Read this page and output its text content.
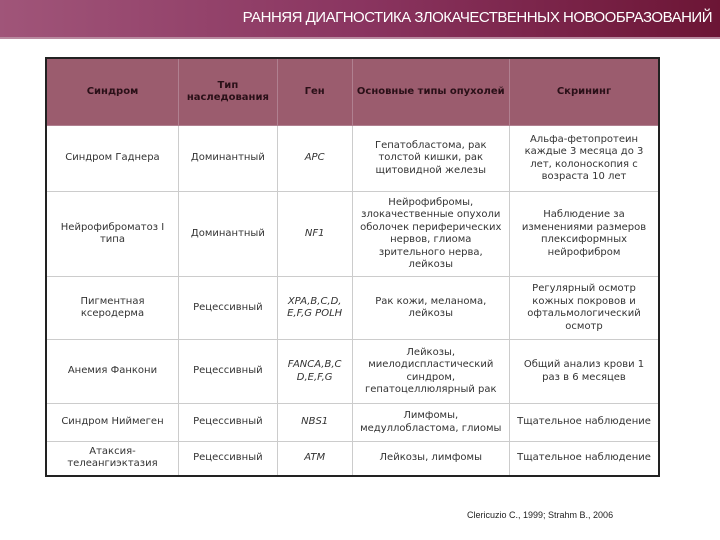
РАННЯЯ ДИАГНОСТИКА ЗЛОКАЧЕСТВЕННЫХ НОВООБРАЗОВАНИЙ
Синдром	Тип наследования	Ген	Основные типы опухолей	Скрининг
Синдром Гаднера	Доминантный	APC	Гепатобластома, рак толстой кишки, рак щитовидной железы	Альфа-фетопротеин каждые 3 месяца до 3 лет, колоноскопия с возраста 10 лет
Нейрофиброматоз I типа	Доминантный	NF1	Нейрофибромы, злокачественные опухоли оболочек периферических нервов, глиома зрительного нерва, лейкозы	Наблюдение за изменениями размеров плексиформных нейрофибром
Пигментная ксеродерма	Рецессивный	XPA,B,C,D, E,F,G POLH	Рак кожи, меланома, лейкозы	Регулярный осмотр кожных покровов и офтальмологический осмотр
Анемия Фанкони	Рецессивный	FANCA,B,C D,E,F,G	Лейкозы, миелодиспластический синдром, гепатоцеллюлярный рак	Общий анализ крови 1 раз в 6 месяцев
Синдром Ниймеген	Рецессивный	NBS1	Лимфомы, медуллобластома, глиомы	Тщательное наблюдение
Атаксия-телеангиэктазия	Рецессивный	ATM	Лейкозы, лимфомы	Тщательное наблюдение
Clericuzio C., 1999; Strahm B., 2006
